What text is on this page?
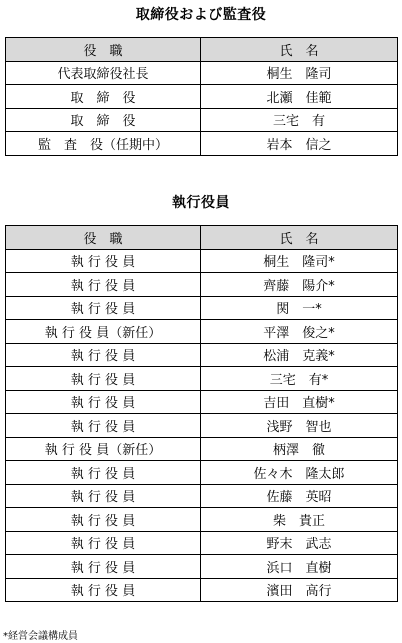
取締役および監査役
役　職	氏　名
代表取締役社長	桐生　隆司
取　締　役	北瀬　佳範
取　締　役	三宅　有
監　査　役（任期中）	岩本　信之
執行役員
役　職	氏　名
執 行 役 員	桐生　隆司*
執 行 役 員	齊藤　陽介*
執 行 役 員	関　一*
執 行 役 員（新任）	平澤　俊之*
執 行 役 員	松浦　克義*
執 行 役 員	三宅　有*
執 行 役 員	吉田　直樹*
執 行 役 員	浅野　智也
執 行 役 員（新任）	柄澤　徹
執 行 役 員	佐々木　隆太郎
執 行 役 員	佐藤　英昭
執 行 役 員	柴　貴正
執 行 役 員	野末　武志
執 行 役 員	浜口　直樹
執 行 役 員	濱田　高行
*経営会議構成員
